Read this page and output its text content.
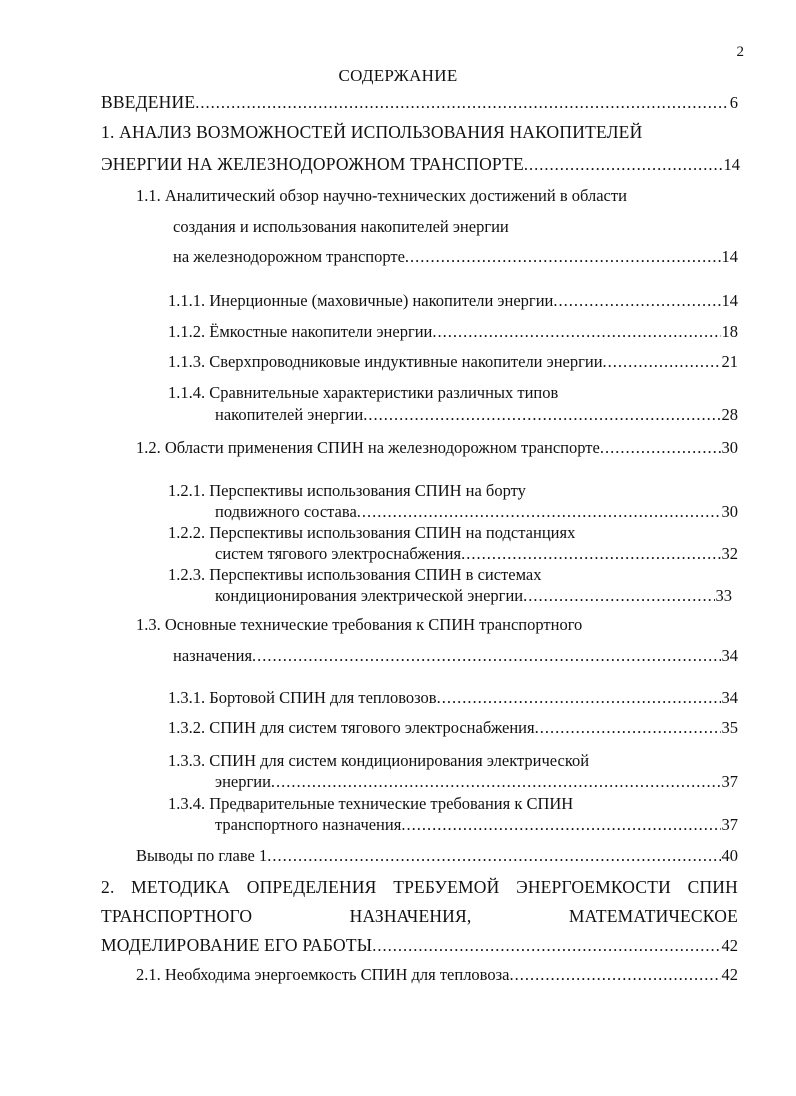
2
СОДЕРЖАНИЕ
ВВЕДЕНИЕ .....	6
1. АНАЛИЗ ВОЗМОЖНОСТЕЙ ИСПОЛЬЗОВАНИЯ НАКОПИТЕЛЕЙ
ЭНЕРГИИ НА ЖЕЛЕЗНОДОРОЖНОМ ТРАНСПОРТЕ .....	14
1.1. Аналитический обзор научно-технических достижений в области
создания и использования накопителей энергии
на железнодорожном транспорте .....	14
1.1.1. Инерционные (маховичные) накопители энергии .....	14
1.1.2. Ёмкостные накопители энергии .....	18
1.1.3. Сверхпроводниковые индуктивные накопители энергии .....	21
1.1.4. Сравнительные характеристики различных типов
накопителей энергии .....	28
1.2. Области применения СПИН на железнодорожном транспорте .....	30
1.2.1. Перспективы использования СПИН на борту
подвижного состава .....	30
1.2.2. Перспективы использования СПИН на подстанциях
систем тягового электроснабжения .....	32
1.2.3. Перспективы использования СПИН в системах
кондиционирования электрической энергии .....	33
1.3. Основные технические требования к СПИН транспортного
назначения .....	34
1.3.1. Бортовой СПИН для тепловозов .....	34
1.3.2. СПИН для систем тягового электроснабжения .....	35
1.3.3. СПИН для систем кондиционирования электрической
энергии .....	37
1.3.4. Предварительные технические требования к СПИН
транспортного назначения .....	37
Выводы по главе 1 .....	40
2. МЕТОДИКА ОПРЕДЕЛЕНИЯ ТРЕБУЕМОЙ ЭНЕРГОЕМКОСТИ СПИН
ТРАНСПОРТНОГО	НАЗНАЧЕНИЯ,	МАТЕМАТИЧЕСКОЕ
МОДЕЛИРОВАНИЕ ЕГО РАБОТЫ .....	42
2.1. Необходима энергоемкость СПИН для тепловоза .....	42
